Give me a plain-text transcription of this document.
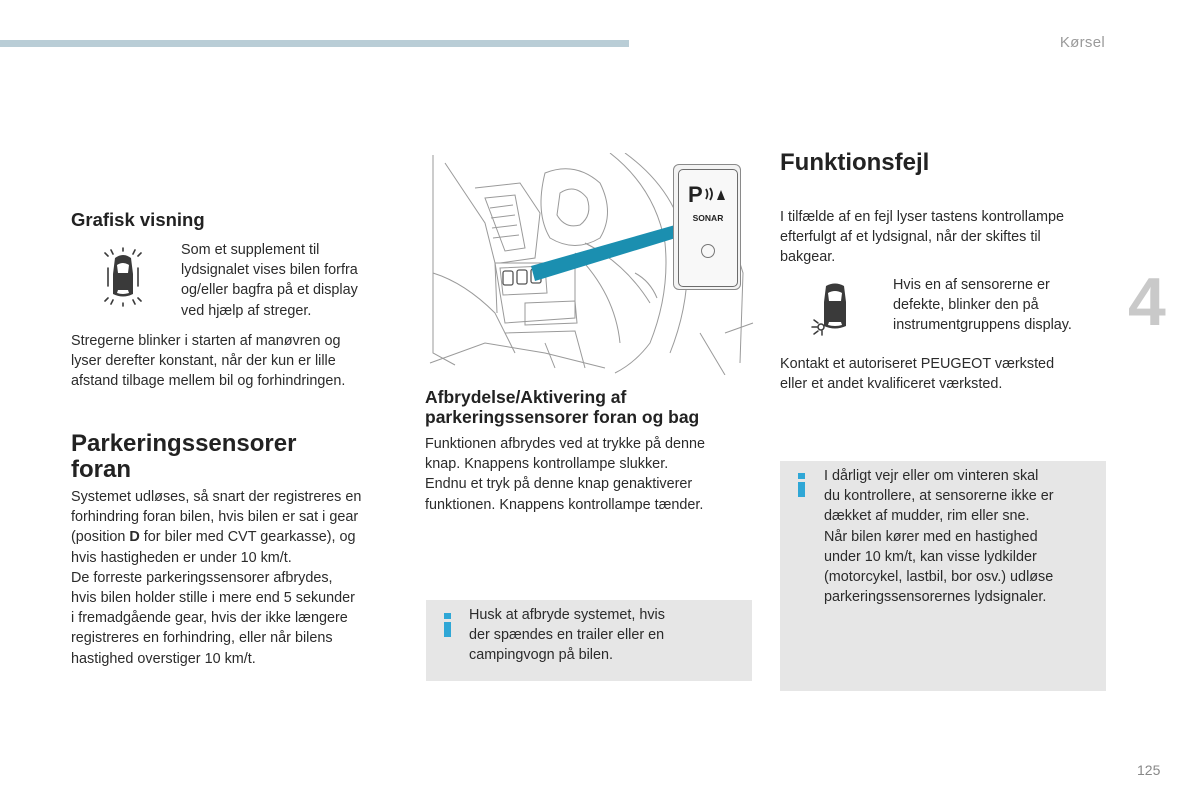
Kørsel
4
125
Grafisk visning

Som et supplement til

lydsignalet vises bilen forfra

og/eller bagfra på et display

ved hjælp af streger.

Stregerne blinker i starten af manøvren og

lyser derefter konstant, når der kun er lille

afstand tilbage mellem bil og forhindringen.

Parkeringssensorer
foran

Systemet udløses, så snart der registreres en

forhindring foran bilen, hvis bilen er sat i gear

(position D for biler med CVT gearkasse), og

hvis hastigheden er under 10 km/t.

De forreste parkeringssensorer afbrydes,

hvis bilen holder stille i mere end 5 sekunder

i fremadgående gear, hvis der ikke længere

registreres en forhindring, eller når bilens

hastighed overstiger 10 km/t.

P
SONAR
Afbrydelse/Aktivering af
parkeringssensorer foran og bag

Funktionen afbrydes ved at trykke på denne

knap. Knappens kontrollampe slukker.

Endnu et tryk på denne knap genaktiverer

funktionen. Knappens kontrollampe tænder.

Husk at afbryde systemet, hvis

der spændes en trailer eller en

campingvogn på bilen.

Funktionsfejl

I tilfælde af en fejl lyser tastens kontrollampe

efterfulgt af et lydsignal, når der skiftes til

bakgear.

Hvis en af sensorerne er

defekte, blinker den på

instrumentgruppens display.

Kontakt et autoriseret PEUGEOT værksted

eller et andet kvalificeret værksted.

I dårligt vejr eller om vinteren skal

du kontrollere, at sensorerne ikke er

dækket af mudder, rim eller sne.

Når bilen kører med en hastighed

under 10 km/t, kan visse lydkilder

(motorcykel, lastbil, bor osv.) udløse

parkeringssensorernes lydsignaler.
